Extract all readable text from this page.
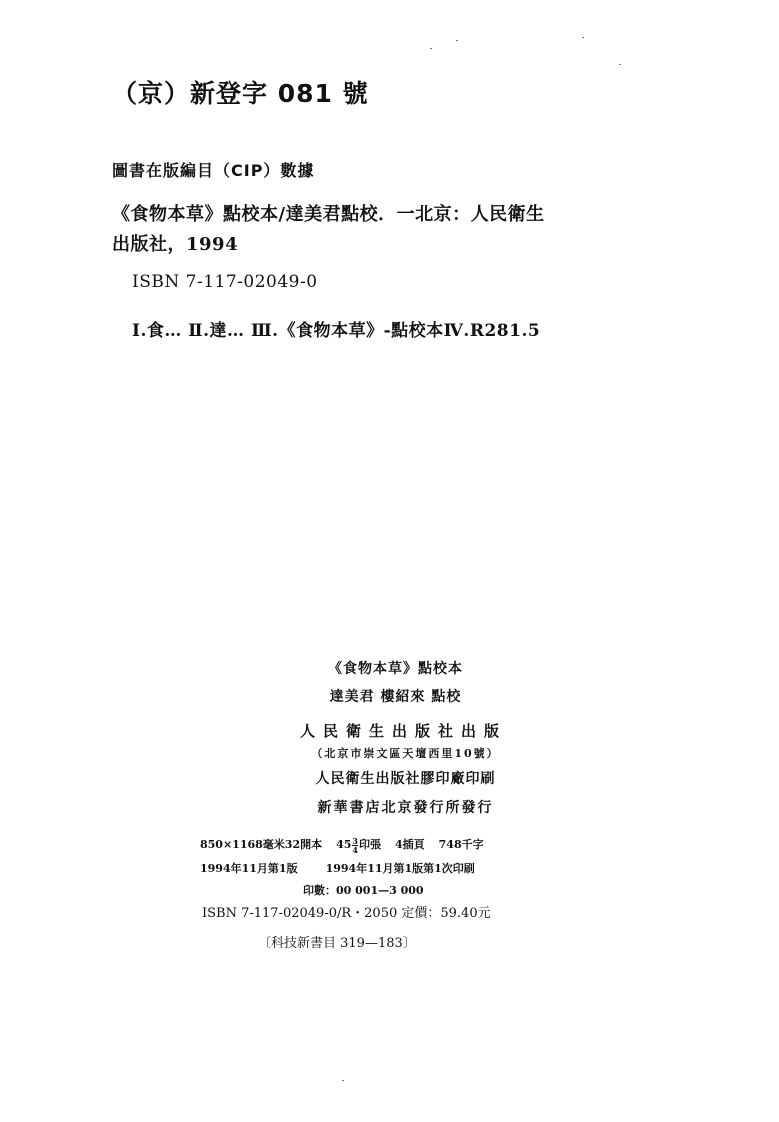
（京）新登字 081 號
圖書在版編目（CIP）數據
《食物本草》點校本/達美君點校．一北京：人民衛生
出版社，1994
ISBN 7-117-02049-0
Ⅰ.食… Ⅱ.達… Ⅲ.《食物本草》-點校本Ⅳ.R281.5
《食物本草》點校本
達美君 樓紹來 點校
人民衛生出版社出版
（北京市崇文區天壇西里10號）
人民衛生出版社膠印廠印刷
新華書店北京發行所發行
850×1168毫米32開本 $45 \frac{3}{4}$ 印張 4插頁 748千字
1994年11月第1版	1994年11月第1版第1次印刷
印數：00 001—3 000
ISBN 7-117-02049-0/R・2050 定價：59.40元
〔科技新書目 319—183〕
